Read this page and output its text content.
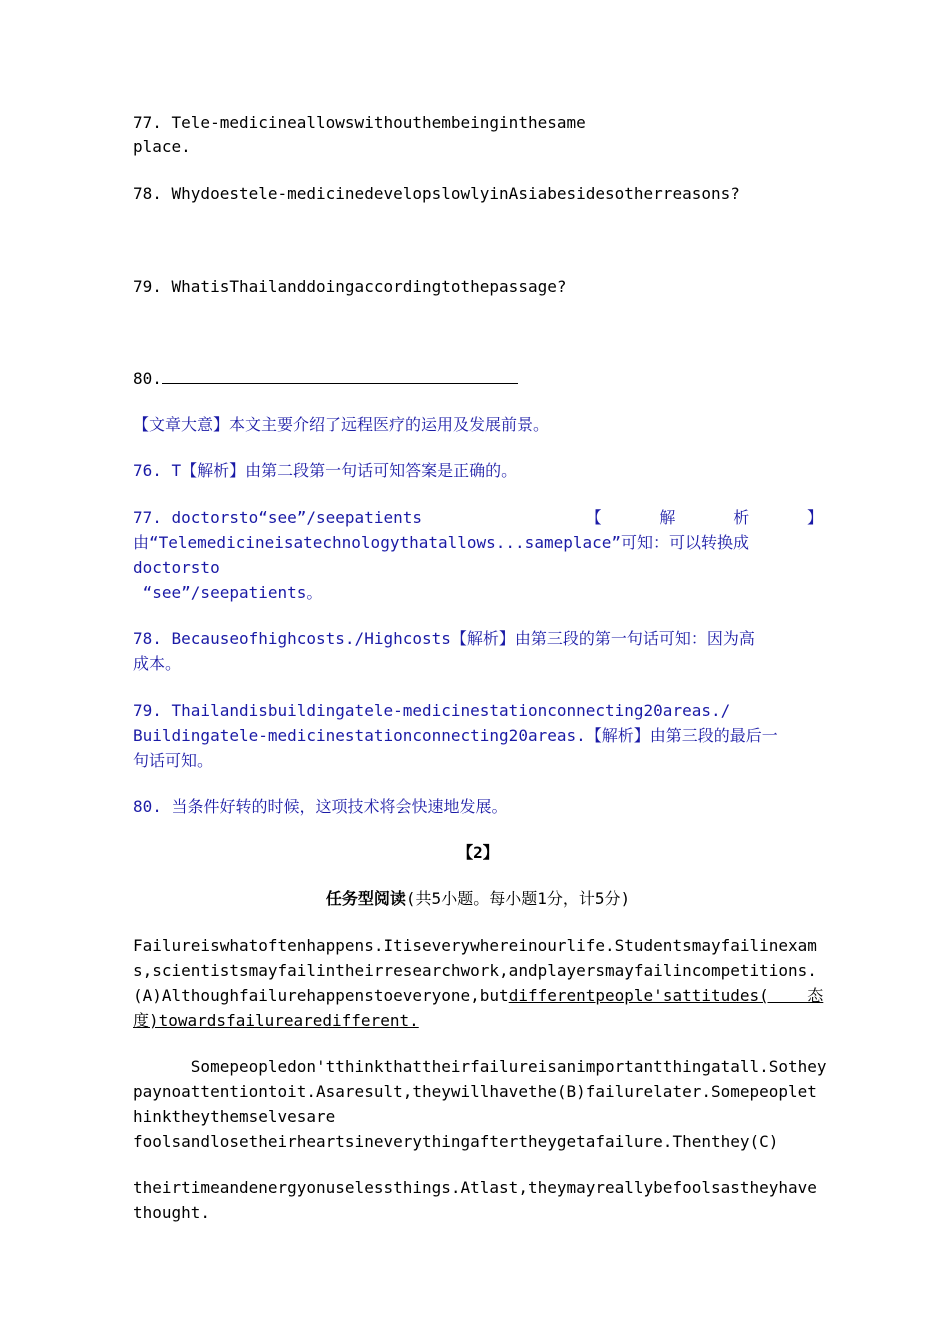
77. Tele-medicineallowswithouthembeinginthesame
place.
78. Whydoestele-medicinedevelopslowlyinAsiabesidesotherreasons?
79. WhatisThailanddoingaccordingtothepassage?
80.
【文章大意】本文主要介绍了远程医疗的运用及发展前景。
76. T【解析】由第二段第一句话可知答案是正确的。
77. doctorsto“see”/seepatients	【      解      析      】
由“Telemedicineisatechnologythatallows...sameplace”可知：可以转换成
doctorsto
“see”/seepatients。
78. Becauseofhighcosts./Highcosts【解析】由第三段的第一句话可知：因为高
成本。
79. Thailandisbuildingatele-medicinestationconnecting20areas./
Buildingatele-medicinestationconnecting20areas.【解析】由第三段的最后一
句话可知。
80. 当条件好转的时候，这项技术将会快速地发展。
【2】
任务型阅读(共5小题。每小题1分，计5分)
Failureiswhatoftenhappens.Itiseverywhereinourlife.Studentsmayfailinexam
s,scientistsmayfailintheirresearchwork,andplayersmayfailincompetitions.
(A)Althoughfailurehappenstoeveryone,butdifferentpeople'sattitudes(    态
度)towardsfailurearedifferent.
Somepeopledon'tthinkthattheirfailureisanimportantthingatall.Sothey
paynoattentiontoit.Asaresult,theywillhavethe(B)failurelater.Somepeoplet
hinktheythemselvesare
foolsandlosetheirheartsineverythingaftertheygetafailure.Thenthey(C)
theirtimeandenergyonuselessthings.Atlast,theymayreallybefoolsastheyhave
thought.
